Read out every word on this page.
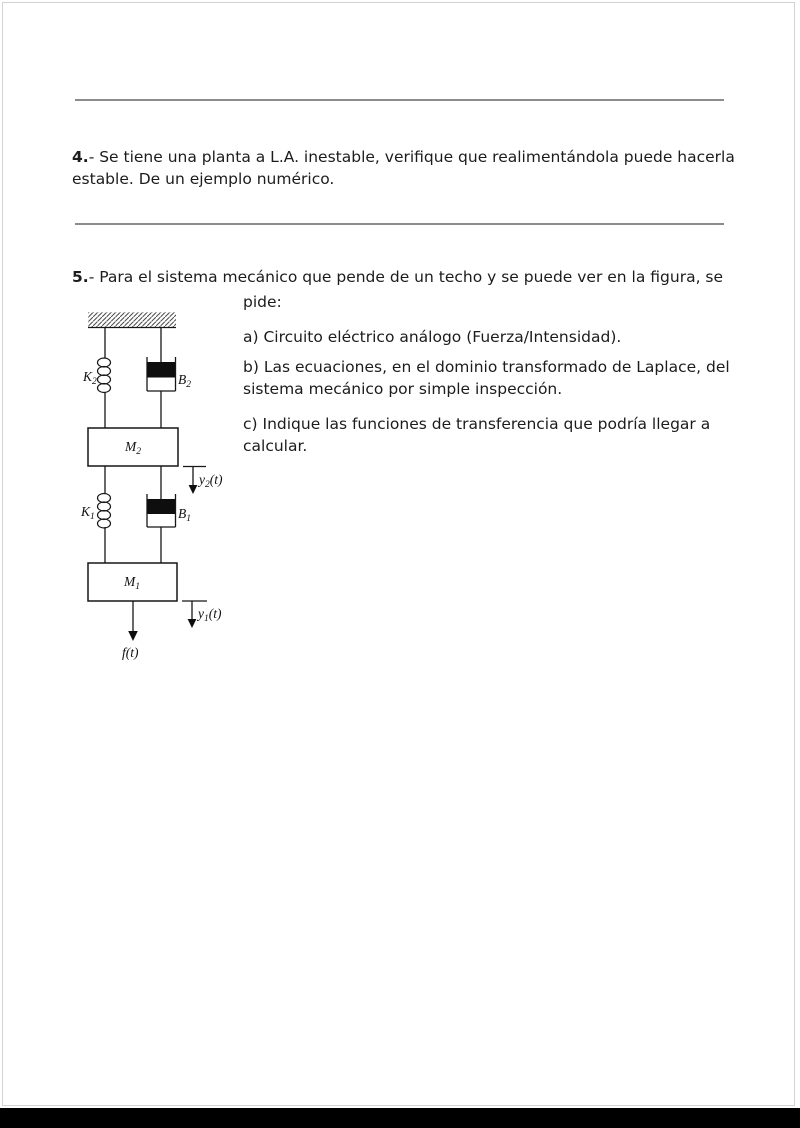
4.- Se tiene una planta a L.A. inestable, verifique que realimentándola puede hacerla
estable. De un ejemplo numérico.
5.- Para el sistema mecánico que pende de un techo y se puede ver en la figura, se
pide:
a) Circuito eléctrico análogo (Fuerza/Intensidad).
b) Las ecuaciones, en el dominio transformado de Laplace, del
sistema mecánico por simple inspección.
c) Indique las funciones de transferencia que podría llegar a
calcular.
$K_2$	$B_2$
$M_2$
$y_2(t)$
$K_1$	$B_1$
$M_1$
f(t)
$y_1(t)$
